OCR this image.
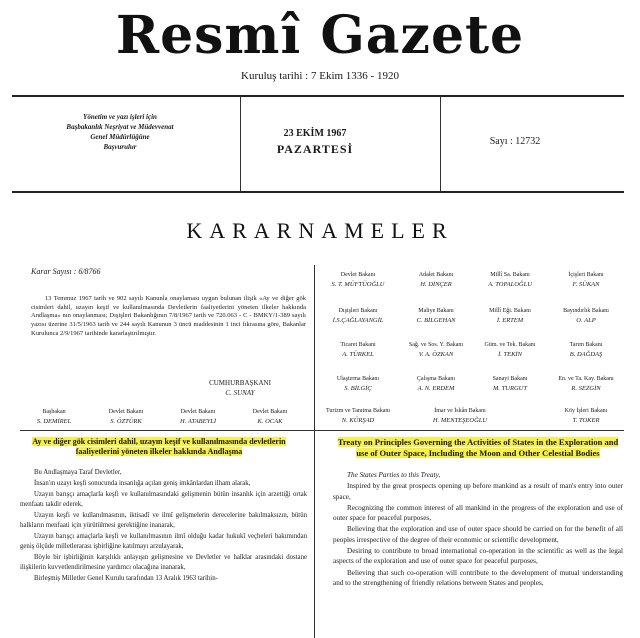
Resmî Gazete
Kuruluş tarihi : 7 Ekim 1336 - 1920
Yönetim ve yazı işleri için
Başbakanlık Neşriyat ve Müdevvenat
Genel Müdürlüğüne
Başvurulur
23 EKİM 1967
PAZARTESİ
Sayı : 12732
KARARNAMELER
Karar Sayısı : 6/8766
13 Temmuz 1967 tarih ve 902 sayılı Kanunla onaylaması uygun bulunan ilişik «Ay ve diğer gök cisimleri dahil, uzayın keşif ve kullanılmasında Devletlerin faaliyetlerini yöneten ilkeler hakkında Andlaşma» nın onaylanması; Dışişleri Bakanlığının 7/8/1967 tarih ve 720.063 - C - BMKY/1-389 sayılı yazısı üzerine 31/5/1963 tarih ve 244 sayılı Kanunun 3 üncü maddesinin 1 inci fıkrasına göre, Bakanlar Kurulunca 2/9/1967 tarihinde kararlaştırılmıştır.
CUMHURBAŞKANI
C. SUNAY
Başbakan
S. DEMİREL
Devlet Bakanı
S. ÖZTÜRK
Devlet Bakanı
H. ATABEYLİ
Devlet Bakanı
K. OCAK
Devlet Bakanı
S. T. MÜFTÜOĞLU
Adalet Bakanı
H. DİNÇER
Millî Sa. Bakanı
A. TOPALOĞLU
İçişleri Bakanı
F. SÜKAN
Dışişleri Bakanı
İ.S.ÇAĞLAYANGİL
Maliye Bakanı
C. BİLGEHAN
Millî Eği. Bakanı
İ. ERTEM
Bayındırlık Bakanı
O. ALP
Ticaret Bakanı
A. TÜRKEL
Sağ. ve Sos. Y. Bakanı
V. A. ÖZKAN
Güm. ve Tek. Bakanı
İ. TEKİN
Tarım Bakanı
B. DAĞDAŞ
Ulaştırma Bakanı
S. BİLGİÇ
Çalışma Bakanı
A. N. ERDEM
Sanayi Bakanı
M. TURGUT
En. ve Ta. Kay. Bakanı
R. SEZGİN
Turizm ve Tanıtma Bakanı
N. KÜRŞAD
İmar ve İskân Bakanı
H. MENTEŞEOĞLU
Köy İşleri Bakanı
T. TOKER
Ay ve diğer gök cisimleri dahil, uzayın keşif ve kullanılmasında devletlerin faaliyetlerini yöneten ilkeler hakkında Andlaşma

Bu Andlaşmaya Taraf Devletler,

İnsan'ın uzayı keşfi sonucunda insanlığa açılan geniş imkânlardan ilham alarak,

Uzayın barışçı amaçlarla keşfi ve kullanılmasındaki gelişmenin bütün insanlık için arzettiği ortak menfaatı takdir ederek,

Uzayın keşfi ve kullanılmasının, iktisadî ve ilmî gelişmelerin derecelerine bakılmaksızın, bütün halkların menfaati için yürütülmesi gerektiğine inanarak,

Uzayın barışçı amaçlarla keşfi ve kullanılmasının ilmî olduğu kadar hukukî veçheleri bakımından geniş ölçüde milletlerarası işbirliğine katılmayı arzulayarak,

Böyle bir işbirliğinin karşılıklı anlayışın gelişmesine ve Devletler ve halklar arasındaki dostane ilişkilerin kuvvetlendirilmesine yardımcı olacağına inanarak,

Birleşmiş Milletler Genel Kurulu tarafından 13 Aralık 1963 tarihin-

Treaty on Principles Governing the Activities of States in the Exploration and use of Outer Space, Including the Moon and Other Celestial Bodies

The States Parties to this Treaty,

Inspired by the great prospects opening up before mankind as a result of man's entry into outer space,

Recognizing the common interest of all mankind in the progress of the exploration and use of outer space for peaceful purposes,

Believing that the exploration and use of outer space should be carried on for the benefit of all peoples irrespective of the degree of their economic or scientific development,

Desiring to contribute to broad international co-operation in the scientific as well as the legal aspects of the exploration and use of outer space for peaceful purposes,

Believing that such co-operation will contribute to the development of mutual understanding and to the strengthening of friendly relations between States and peoples,
